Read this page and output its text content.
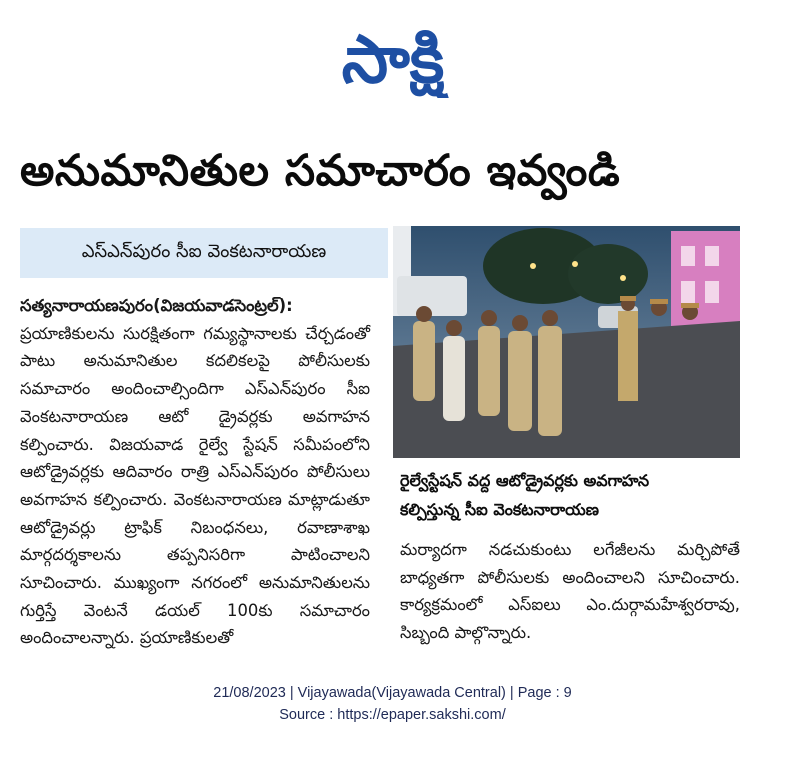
సాక్షి
అనుమానితుల సమాచారం ఇవ్వండి
ఎస్‌ఎన్‌పురం సీఐ వెంకటనారాయణ

సత్యనారాయణపురం(విజయవాడసెంట్రల్‌): ప్రయాణికులను సురక్షితంగా గమ్యస్థానాలకు చేర్చడంతో పాటు అనుమానితుల కదలికలపై పోలీసులకు సమాచారం అందించాల్సిందిగా ఎస్‌ఎన్‌పురం సీఐ వెంకటనారాయణ ఆటో డ్రైవర్లకు అవగాహన కల్పించారు. విజయవాడ రైల్వే స్టేషన్‌ సమీపంలోని ఆటోడ్రైవర్లకు ఆదివారం రాత్రి ఎస్‌ఎన్‌పురం పోలీసులు అవగాహన కల్పించారు. వెంకటనారాయణ మాట్లాడుతూ ఆటోడ్రైవర్లు ట్రాఫిక్‌ నిబంధనలు, రవాణాశాఖ మార్గదర్శకాలను తప్పనిసరిగా పాటించాలని సూచించారు. ముఖ్యంగా నగరంలో అనుమానితులను గుర్తిస్తే వెంటనే డయల్‌ 100కు సమాచారం అందించాలన్నారు. ప్రయాణికులతో

రైల్వేస్టేషన్‌ వద్ద ఆటోడ్రైవర్లకు అవగాహన
కల్పిస్తున్న సీఐ వెంకటనారాయణ

మర్యాదగా నడచుకుంటు లగేజీలను మర్చిపోతే బాధ్యతగా పోలీసులకు అందించాలని సూచించారు. కార్యక్రమంలో ఎస్‌ఐలు ఎం.దుర్గామహేశ్వరరావు, సిబ్బంది పాల్గొన్నారు.

21/08/2023 | Vijayawada(Vijayawada Central) | Page : 9
Source : https://epaper.sakshi.com/
